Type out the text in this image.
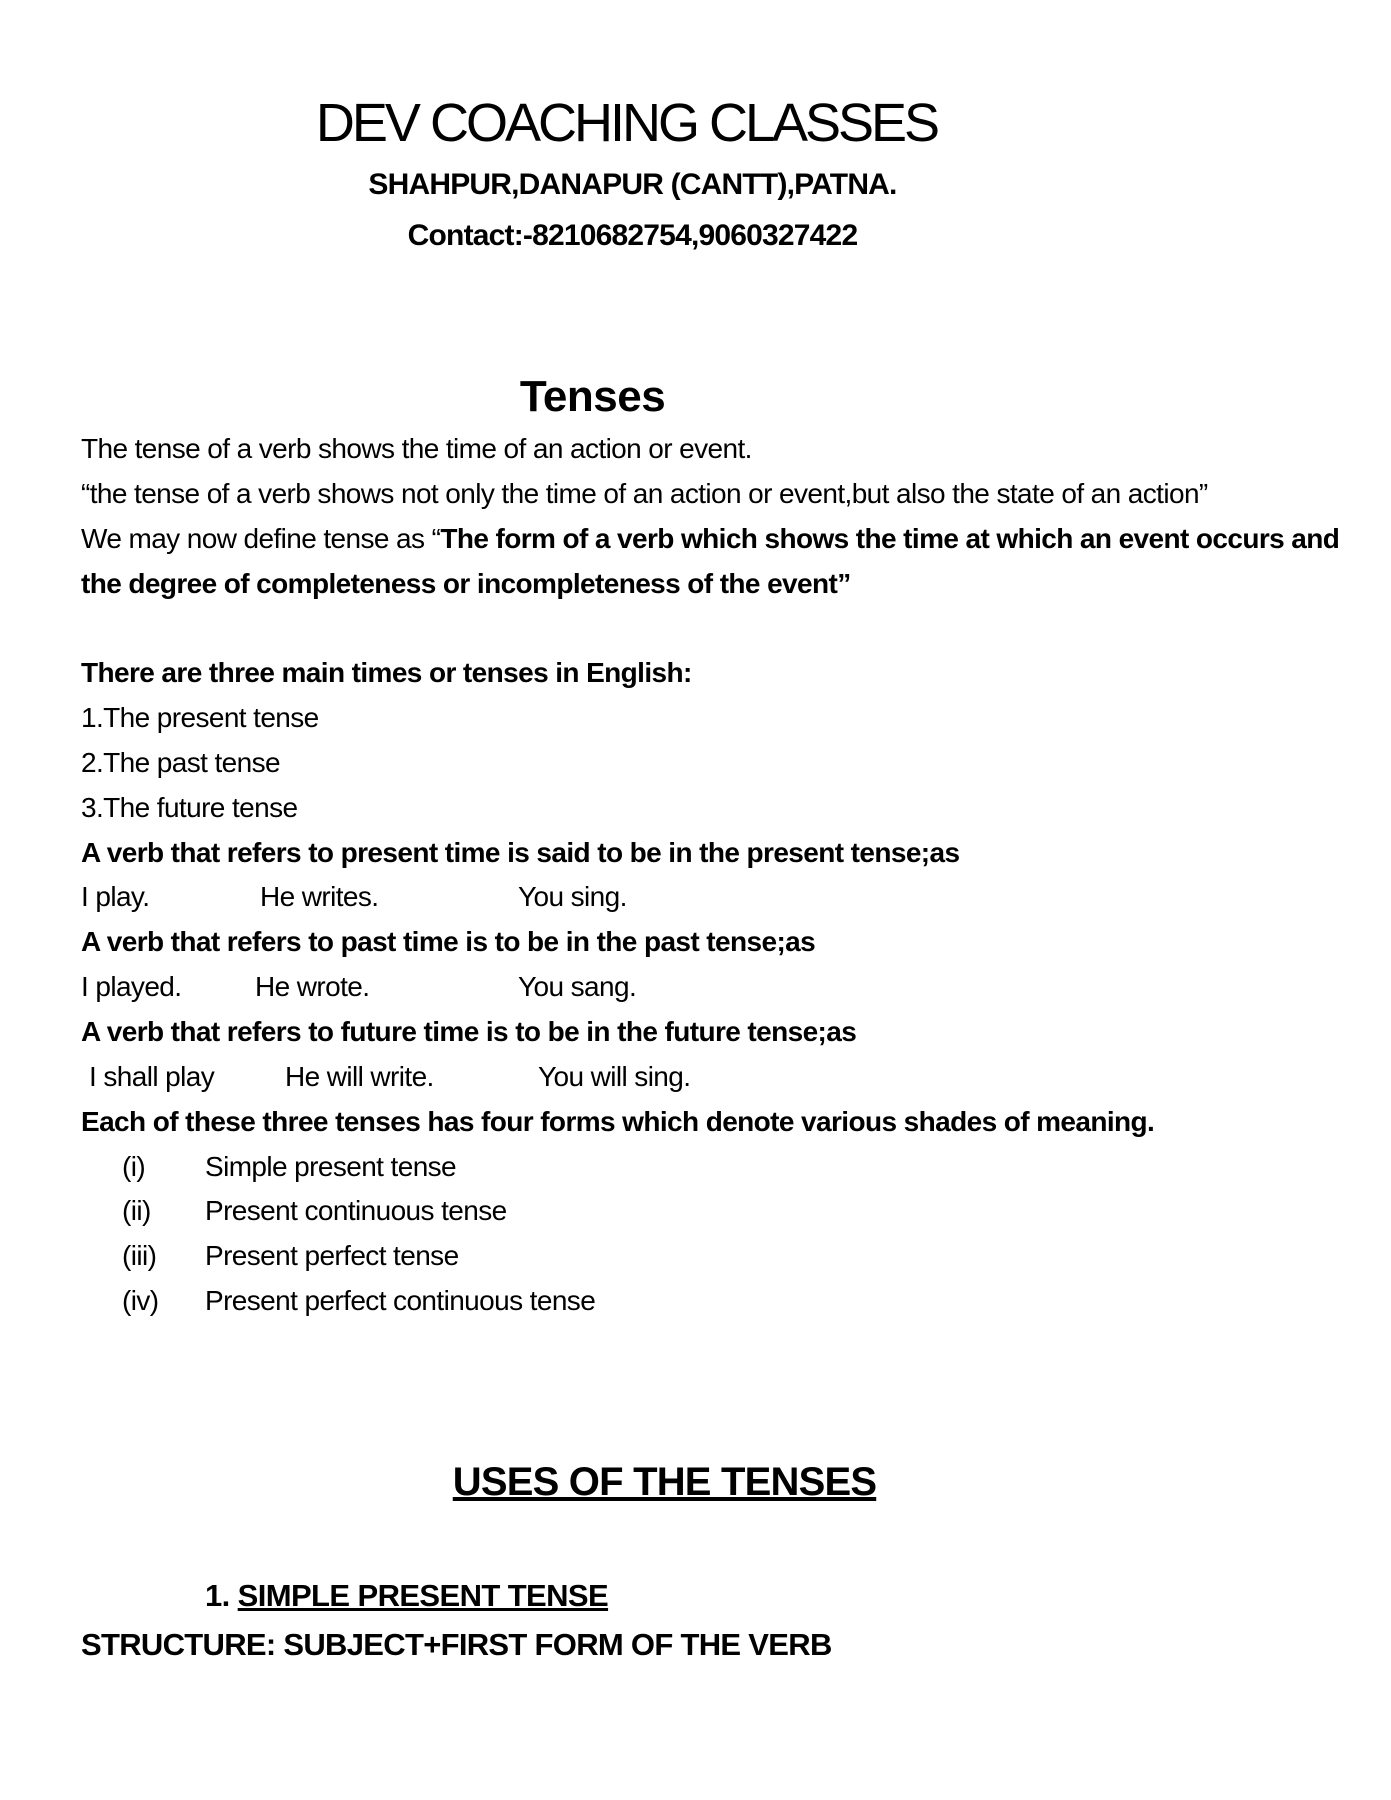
DEV COACHING CLASSES
SHAHPUR,DANAPUR (CANTT),PATNA.
Contact:-8210682754,9060327422
Tenses
The tense of a verb shows the time of an action or event.
“the tense of a verb shows not only the time of an action or event,but also the state of an action”
We may now define tense as “The form of a verb which shows the time at which an event occurs and the degree of completeness or incompleteness of the event”
There are three main times or tenses in English:
1.The present tense
2.The past tense
3.The future tense
A verb that refers to present time is said to be in the present tense;as
I play.	He writes.	You sing.
A verb that refers to past time is to be in the past tense;as
I played.	He wrote.	You sang.
A verb that refers to future time is to be in the future tense;as
I shall play	He will write.	You will sing.
Each of these three tenses has four forms which denote various shades of meaning.
(i) Simple present tense
(ii) Present continuous tense
(iii) Present perfect tense
(iv) Present perfect continuous tense
USES OF THE TENSES
1. SIMPLE PRESENT TENSE
STRUCTURE: SUBJECT+FIRST FORM OF THE VERB
